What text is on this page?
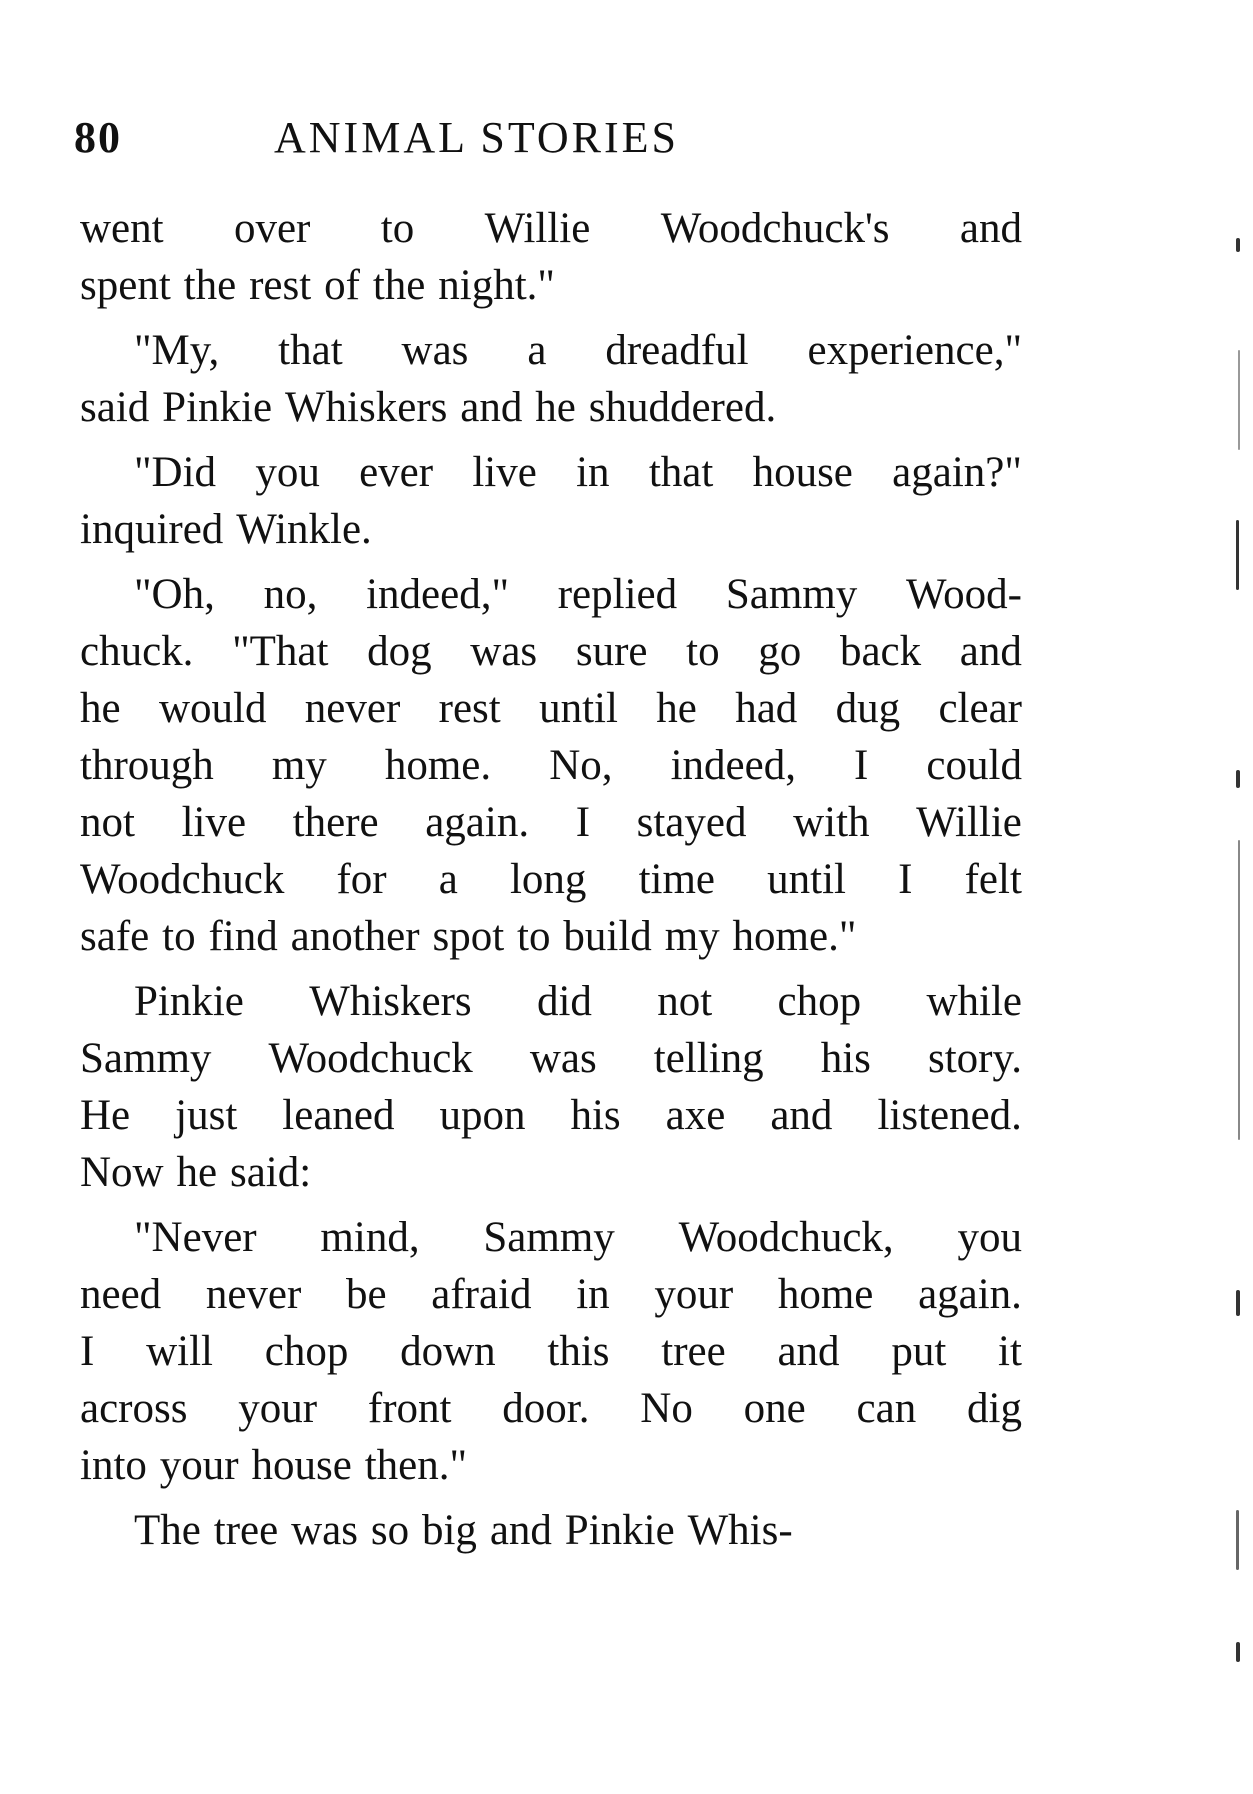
80	ANIMAL STORIES
went over to Willie Woodchuck's and
spent the rest of the night."
"My, that was a dreadful experience,"
said Pinkie Whiskers and he shuddered.
"Did you ever live in that house again?"
inquired Winkle.
"Oh, no, indeed," replied Sammy Wood-
chuck. "That dog was sure to go back and
he would never rest until he had dug clear
through my home. No, indeed, I could
not live there again. I stayed with Willie
Woodchuck for a long time until I felt
safe to find another spot to build my home."
Pinkie Whiskers did not chop while
Sammy Woodchuck was telling his story.
He just leaned upon his axe and listened.
Now he said:
"Never mind, Sammy Woodchuck, you
need never be afraid in your home again.
I will chop down this tree and put it
across your front door. No one can dig
into your house then."
The tree was so big and Pinkie Whis-
